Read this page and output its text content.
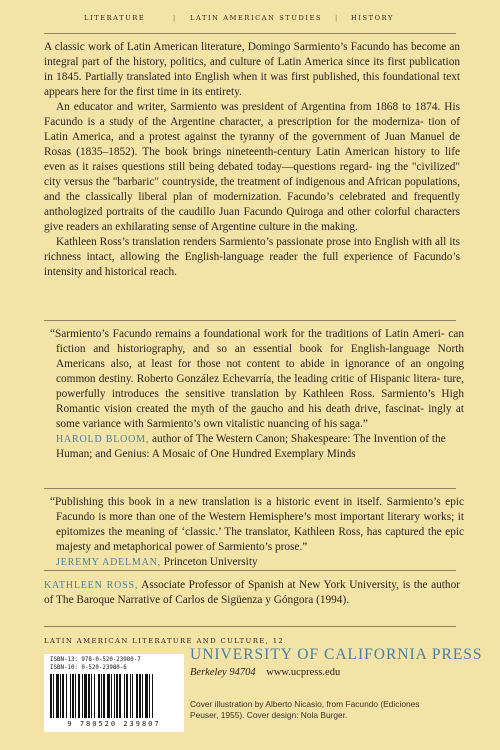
LITERATURE	| LATIN AMERICAN STUDIES | HISTORY

A classic work of Latin American literature, Domingo Sarmiento’s Facundo has become an integral part of the history, politics, and culture of Latin America since its first publication in 1845. Partially translated into English when it was first published, this foundational text appears here for the first time in its entirety.

An educator and writer, Sarmiento was president of Argentina from 1868 to 1874. His Facundo is a study of the Argentine character, a prescription for the moderniza- tion of Latin America, and a protest against the tyranny of the government of Juan Manuel de Rosas (1835–1852). The book brings nineteenth-century Latin American history to life even as it raises questions still being debated today—questions regard- ing the "civilized" city versus the "barbaric" countryside, the treatment of indigenous and African populations, and the classically liberal plan of modernization. Facundo’s celebrated and frequently anthologized portraits of the caudillo Juan Facundo Quiroga and other colorful characters give readers an exhilarating sense of Argentine culture in the making.

Kathleen Ross’s translation renders Sarmiento’s passionate prose into English with all its richness intact, allowing the English-language reader the full experience of Facundo’s intensity and historical reach.

“Sarmiento’s Facundo remains a foundational work for the traditions of Latin Ameri- can fiction and historiography, and so an essential book for English-language North Americans also, at least for those not content to abide in ignorance of an ongoing common destiny. Roberto González Echevarría, the leading critic of Hispanic litera- ture, powerfully introduces the sensitive translation by Kathleen Ross. Sarmiento’s High Romantic vision created the myth of the gaucho and his death drive, fascinat- ingly at some variance with Sarmiento’s own vitalistic nuancing of his saga.”

HAROLD BLOOM, author of The Western Canon; Shakespeare: The Invention of the Human; and Genius: A Mosaic of One Hundred Exemplary Minds

“Publishing this book in a new translation is a historic event in itself. Sarmiento’s epic Facundo is more than one of the Western Hemisphere’s most important literary works; it epitomizes the meaning of ‘classic.’ The translator, Kathleen Ross, has captured the epic majesty and metaphorical power of Sarmiento’s prose.”

JEREMY ADELMAN, Princeton University

KATHLEEN ROSS, Associate Professor of Spanish at New York University, is the author of The Baroque Narrative of Carlos de Sigüenza y Góngora (1994).

LATIN AMERICAN LITERATURE AND CULTURE, 12
ISBN-13: 978-0-520-23980-7
ISBN-10: 0-520-23980-6
9 780520 239807
UNIVERSITY OF CALIFORNIA PRESS
Berkeley 94704 www.ucpress.edu
Cover illustration by Alberto Nicasio, from Facundo (Ediciones Peuser, 1955). Cover design: Nola Burger.
